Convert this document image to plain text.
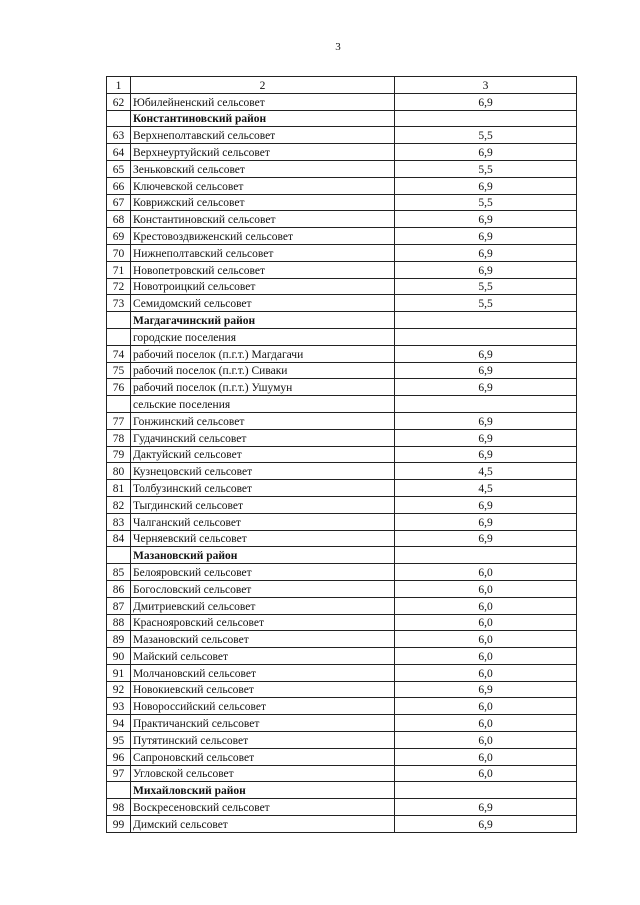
3
1	2	3
62	Юбилейненский сельсовет	6,9
	Константиновский район	
63	Верхнеполтавский сельсовет	5,5
64	Верхнеуртуйский сельсовет	6,9
65	Зеньковский сельсовет	5,5
66	Ключевской сельсовет	6,9
67	Коврижский сельсовет	5,5
68	Константиновский сельсовет	6,9
69	Крестовоздвиженский сельсовет	6,9
70	Нижнеполтавский сельсовет	6,9
71	Новопетровский сельсовет	6,9
72	Новотроицкий сельсовет	5,5
73	Семидомский сельсовет	5,5
	Магдагачинский район	
	городские поселения	
74	рабочий поселок (п.г.т.) Магдагачи	6,9
75	рабочий поселок (п.г.т.) Сиваки	6,9
76	рабочий поселок (п.г.т.) Ушумун	6,9
	сельские поселения	
77	Гонжинский сельсовет	6,9
78	Гудачинский сельсовет	6,9
79	Дактуйский сельсовет	6,9
80	Кузнецовский сельсовет	4,5
81	Толбузинский сельсовет	4,5
82	Тыгдинский сельсовет	6,9
83	Чалганский сельсовет	6,9
84	Черняевский сельсовет	6,9
	Мазановский район	
85	Белояровский сельсовет	6,0
86	Богословский сельсовет	6,0
87	Дмитриевский сельсовет	6,0
88	Краснояровский сельсовет	6,0
89	Мазановский сельсовет	6,0
90	Майский сельсовет	6,0
91	Молчановский сельсовет	6,0
92	Новокиевский сельсовет	6,9
93	Новороссийский сельсовет	6,0
94	Практичанский сельсовет	6,0
95	Путятинский сельсовет	6,0
96	Сапроновский сельсовет	6,0
97	Угловской сельсовет	6,0
	Михайловский район	
98	Воскресеновский сельсовет	6,9
99	Димский сельсовет	6,9
